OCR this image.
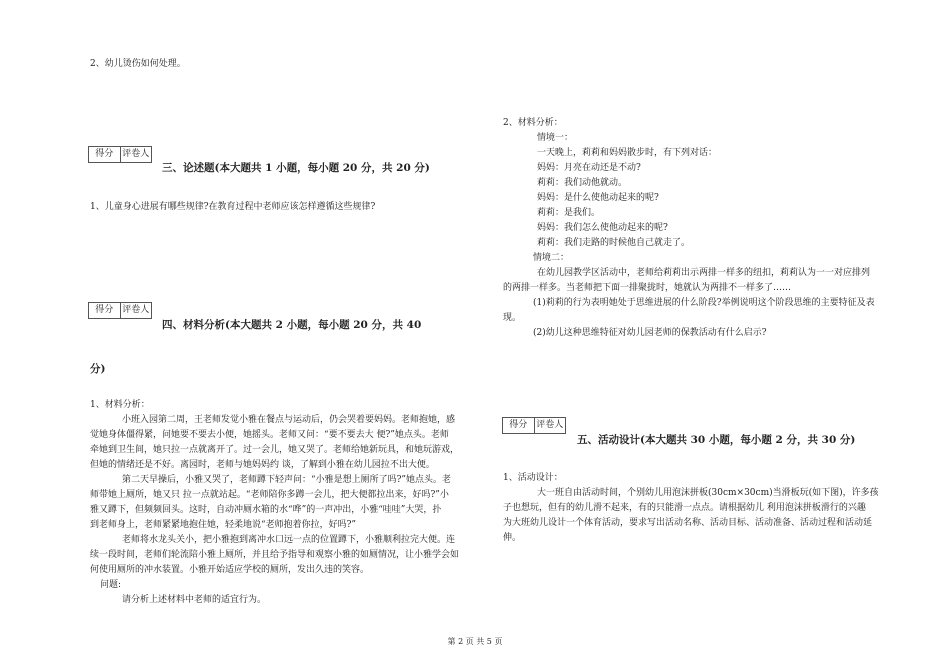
2、幼儿烫伤如何处理。
得分 评卷人
三、论述题(本大题共 1 小题，每小题 20 分，共 20 分)
1、儿童身心进展有哪些规律?在教育过程中老师应该怎样遵循这些规律?
得分 评卷人
四、材料分析(本大题共 2 小题，每小题 20 分，共 40
分)
1、材料分析：
小班入园第二周，王老师发觉小雅在餐点与运动后，仍会哭着要妈妈。老师抱她，感
觉她身体僵得紧，问她要不要去小便，她摇头。老师又问：“要不要去大 便?”她点头。老师
牵她到卫生间，她只拉一点就离开了。过一会儿，她又哭了。老师给她新玩具，和她玩游戏，
但她的情绪还是不好。离园时，老师与她妈妈约 谈，了解到小雅在幼儿园拉不出大便。
第二天早操后，小雅又哭了，老师蹲下轻声问：“小雅是想上厕所了吗?”她点头。老
师带她上厕所，她又只 拉一点就站起。“老师陪你多蹲一会儿，把大便都拉出来，好吗?”小
雅又蹲下，但频频回头。这时，自动冲厕水箱的水“哗”的一声冲出，小雅“哇哇”大哭，扑
到老师身上，老师紧紧地抱住她，轻柔地说“老师抱着你拉，好吗?”
老师将水龙头关小，把小雅抱到离冲水口远一点的位置蹲下，小雅顺利拉完大便。连
续一段时间，老师们轮流陪小雅上厕所，并且给予指导和观察小雅的如厕情况，让小雅学会如
何使用厕所的冲水装置。小雅开始适应学校的厕所，发出久违的笑容。
问题:
请分析上述材料中老师的适宜行为。
2、材料分析：
情境一：
一天晚上，莉莉和妈妈散步时，有下列对话：
妈妈：月亮在动还是不动?
莉莉：我们动他就动。
妈妈：是什么使他动起来的呢?
莉莉：是我们。
妈妈：我们怎么使他动起来的呢?
莉莉：我们走路的时候他自己就走了。
情境二：
在幼儿园教学区活动中，老师给莉莉出示两排一样多的纽扣，莉莉认为一一对应排列
的两排一样多。当老师把下面一排聚拢时，她就认为两排不一样多了……
(1)莉莉的行为表明她处于思维进展的什么阶段?举例说明这个阶段思维的主要特征及表
现。
(2)幼儿这种思维特征对幼儿园老师的保教活动有什么启示?
得分 评卷人
五、活动设计(本大题共 30 小题，每小题 2 分，共 30 分)
1、活动设计：
大一班自由活动时间，个别幼儿用泡沫拼板(30cm×30cm)当滑板玩(如下图)，许多孩
子也想玩，但有的幼儿滑不起来，有的只能滑一点点。请根据幼儿 利用泡沫拼板滑行的兴趣
为大班幼儿设计一个体育活动，要求写出活动名称、活动目标、活动准备、活动过程和活动延
伸。
第 2 页 共 5 页
